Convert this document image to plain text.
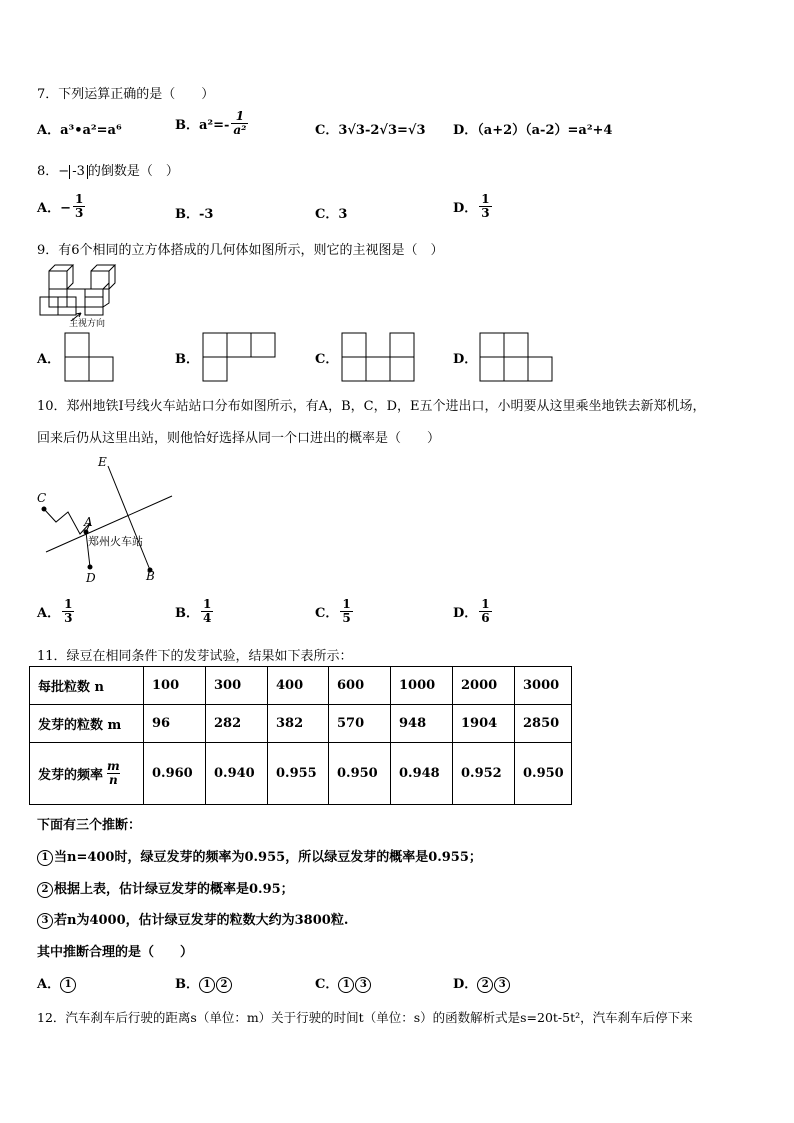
7．下列运算正确的是（　　）
A．a³•a²=a⁶	B．$a^2=- \frac{1}{\text{a²}}$	C．3√3-2√3=√3 D．（a+2）（a-2）=a²+4
8．− -3 的倒数是（　）
A．− $\frac{1}{3}$	B．-3	C．3	D． $\frac{1}{3}$
9．有6个相同的立方体搭成的几何体如图所示，则它的主视图是（　）
主视方向
A．	B．	C．	D．
10．郑州地铁Ⅰ号线火车站站口分布如图所示，有A，B，C，D，E五个进出口，小明要从这里乘坐地铁去新郑机场，
回来后仍从这里出站，则他恰好选择从同一个口进出的概率是（　　）
E
C
A
D	B
郑州火车站
A． $\frac{1}{3}$	B． $\frac{1}{4}$	C． $\frac{1}{5}$	D． $\frac{1}{6}$
11．绿豆在相同条件下的发芽试验，结果如下表所示：
每批粒数 n	100	300	400	600	1000	2000	3000
发芽的粒数 m	96	282	382	570	948	1904	2850

发芽的频率 $\frac{m}{n}$	0.960	0.940	0.955	0.950	0.948	0.952	0.950
下面有三个推断：
1 当n=400时，绿豆发芽的频率为0.955，所以绿豆发芽的概率是0.955；
2 根据上表，估计绿豆发芽的概率是0.95；
3 若n为4000，估计绿豆发芽的粒数大约为3800粒.
其中推断合理的是（　　）
A． 1	B． 1 2	C． 1 3	D． 2 3
12．汽车刹车后行驶的距离s（单位：m）关于行驶的时间t（单位：s）的函数解析式是s=20t-5t²，汽车刹车后停下来
